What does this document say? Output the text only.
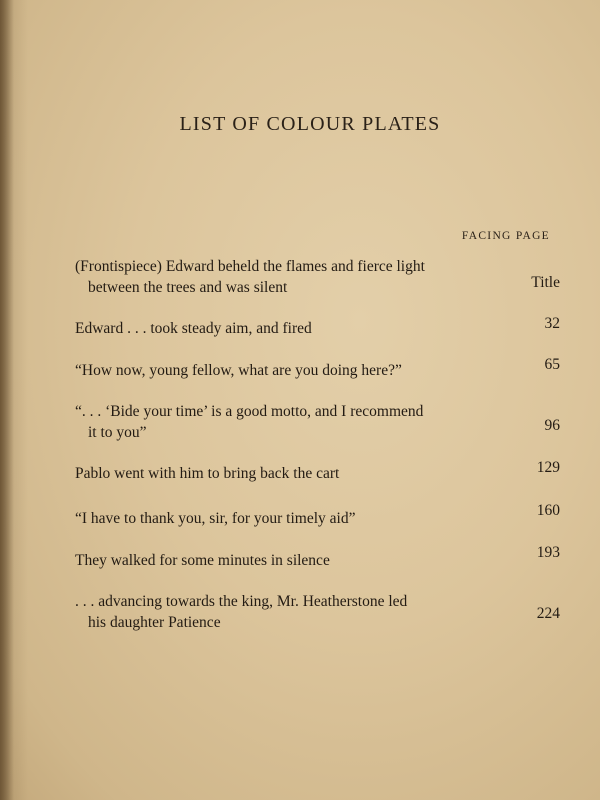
LIST OF COLOUR PLATES
FACING PAGE
(Frontispiece) Edward beheld the flames and fierce light
between the trees and was silent	Title
Edward . . . took steady aim, and fired	32
“How now, young fellow, what are you doing here?”	65
“. . . ‘Bide your time’ is a good motto, and I recommend
it to you”	96
Pablo went with him to bring back the cart	129
“I have to thank you, sir, for your timely aid”	160
They walked for some minutes in silence	193
. . . advancing towards the king, Mr. Heatherstone led
his daughter Patience
224
